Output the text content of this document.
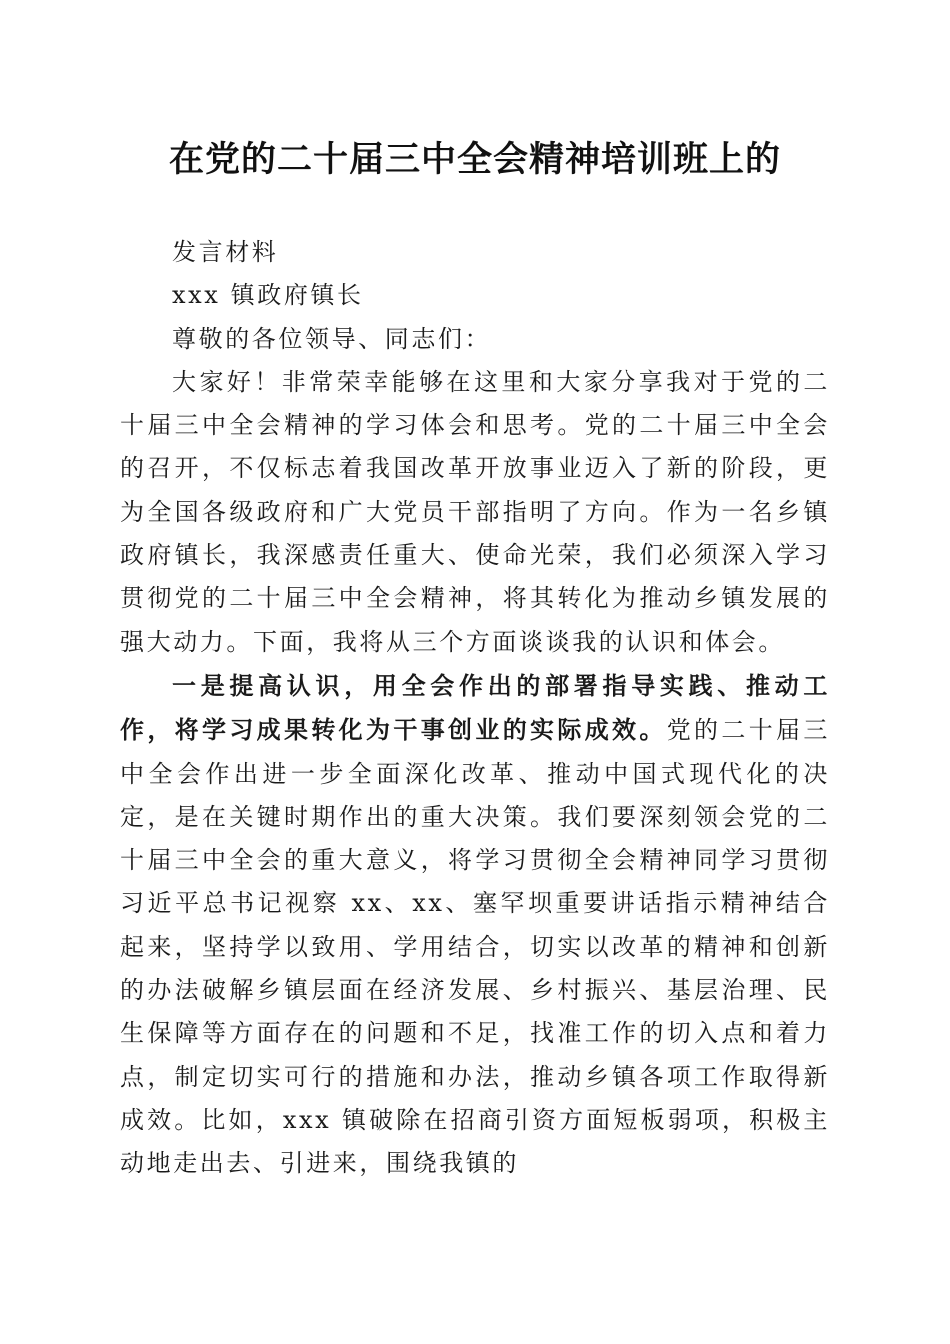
在党的二十届三中全会精神培训班上的

发言材料

xxx 镇政府镇长

尊敬的各位领导、同志们：

大家好！非常荣幸能够在这里和大家分享我对于党的二十届三中全会精神的学习体会和思考。党的二十届三中全会的召开，不仅标志着我国改革开放事业迈入了新的阶段，更为全国各级政府和广大党员干部指明了方向。作为一名乡镇政府镇长，我深感责任重大、使命光荣，我们必须深入学习贯彻党的二十届三中全会精神，将其转化为推动乡镇发展的强大动力。下面，我将从三个方面谈谈我的认识和体会。

一是提高认识，用全会作出的部署指导实践、推动工作，将学习成果转化为干事创业的实际成效。党的二十届三中全会作出进一步全面深化改革、推动中国式现代化的决定，是在关键时期作出的重大决策。我们要深刻领会党的二十届三中全会的重大意义，将学习贯彻全会精神同学习贯彻习近平总书记视察 xx、xx、塞罕坝重要讲话指示精神结合起来，坚持学以致用、学用结合，切实以改革的精神和创新的办法破解乡镇层面在经济发展、乡村振兴、基层治理、民生保障等方面存在的问题和不足，找准工作的切入点和着力点，制定切实可行的措施和办法，推动乡镇各项工作取得新成效。比如，xxx 镇破除在招商引资方面短板弱项，积极主动地走出去、引进来，围绕我镇的
